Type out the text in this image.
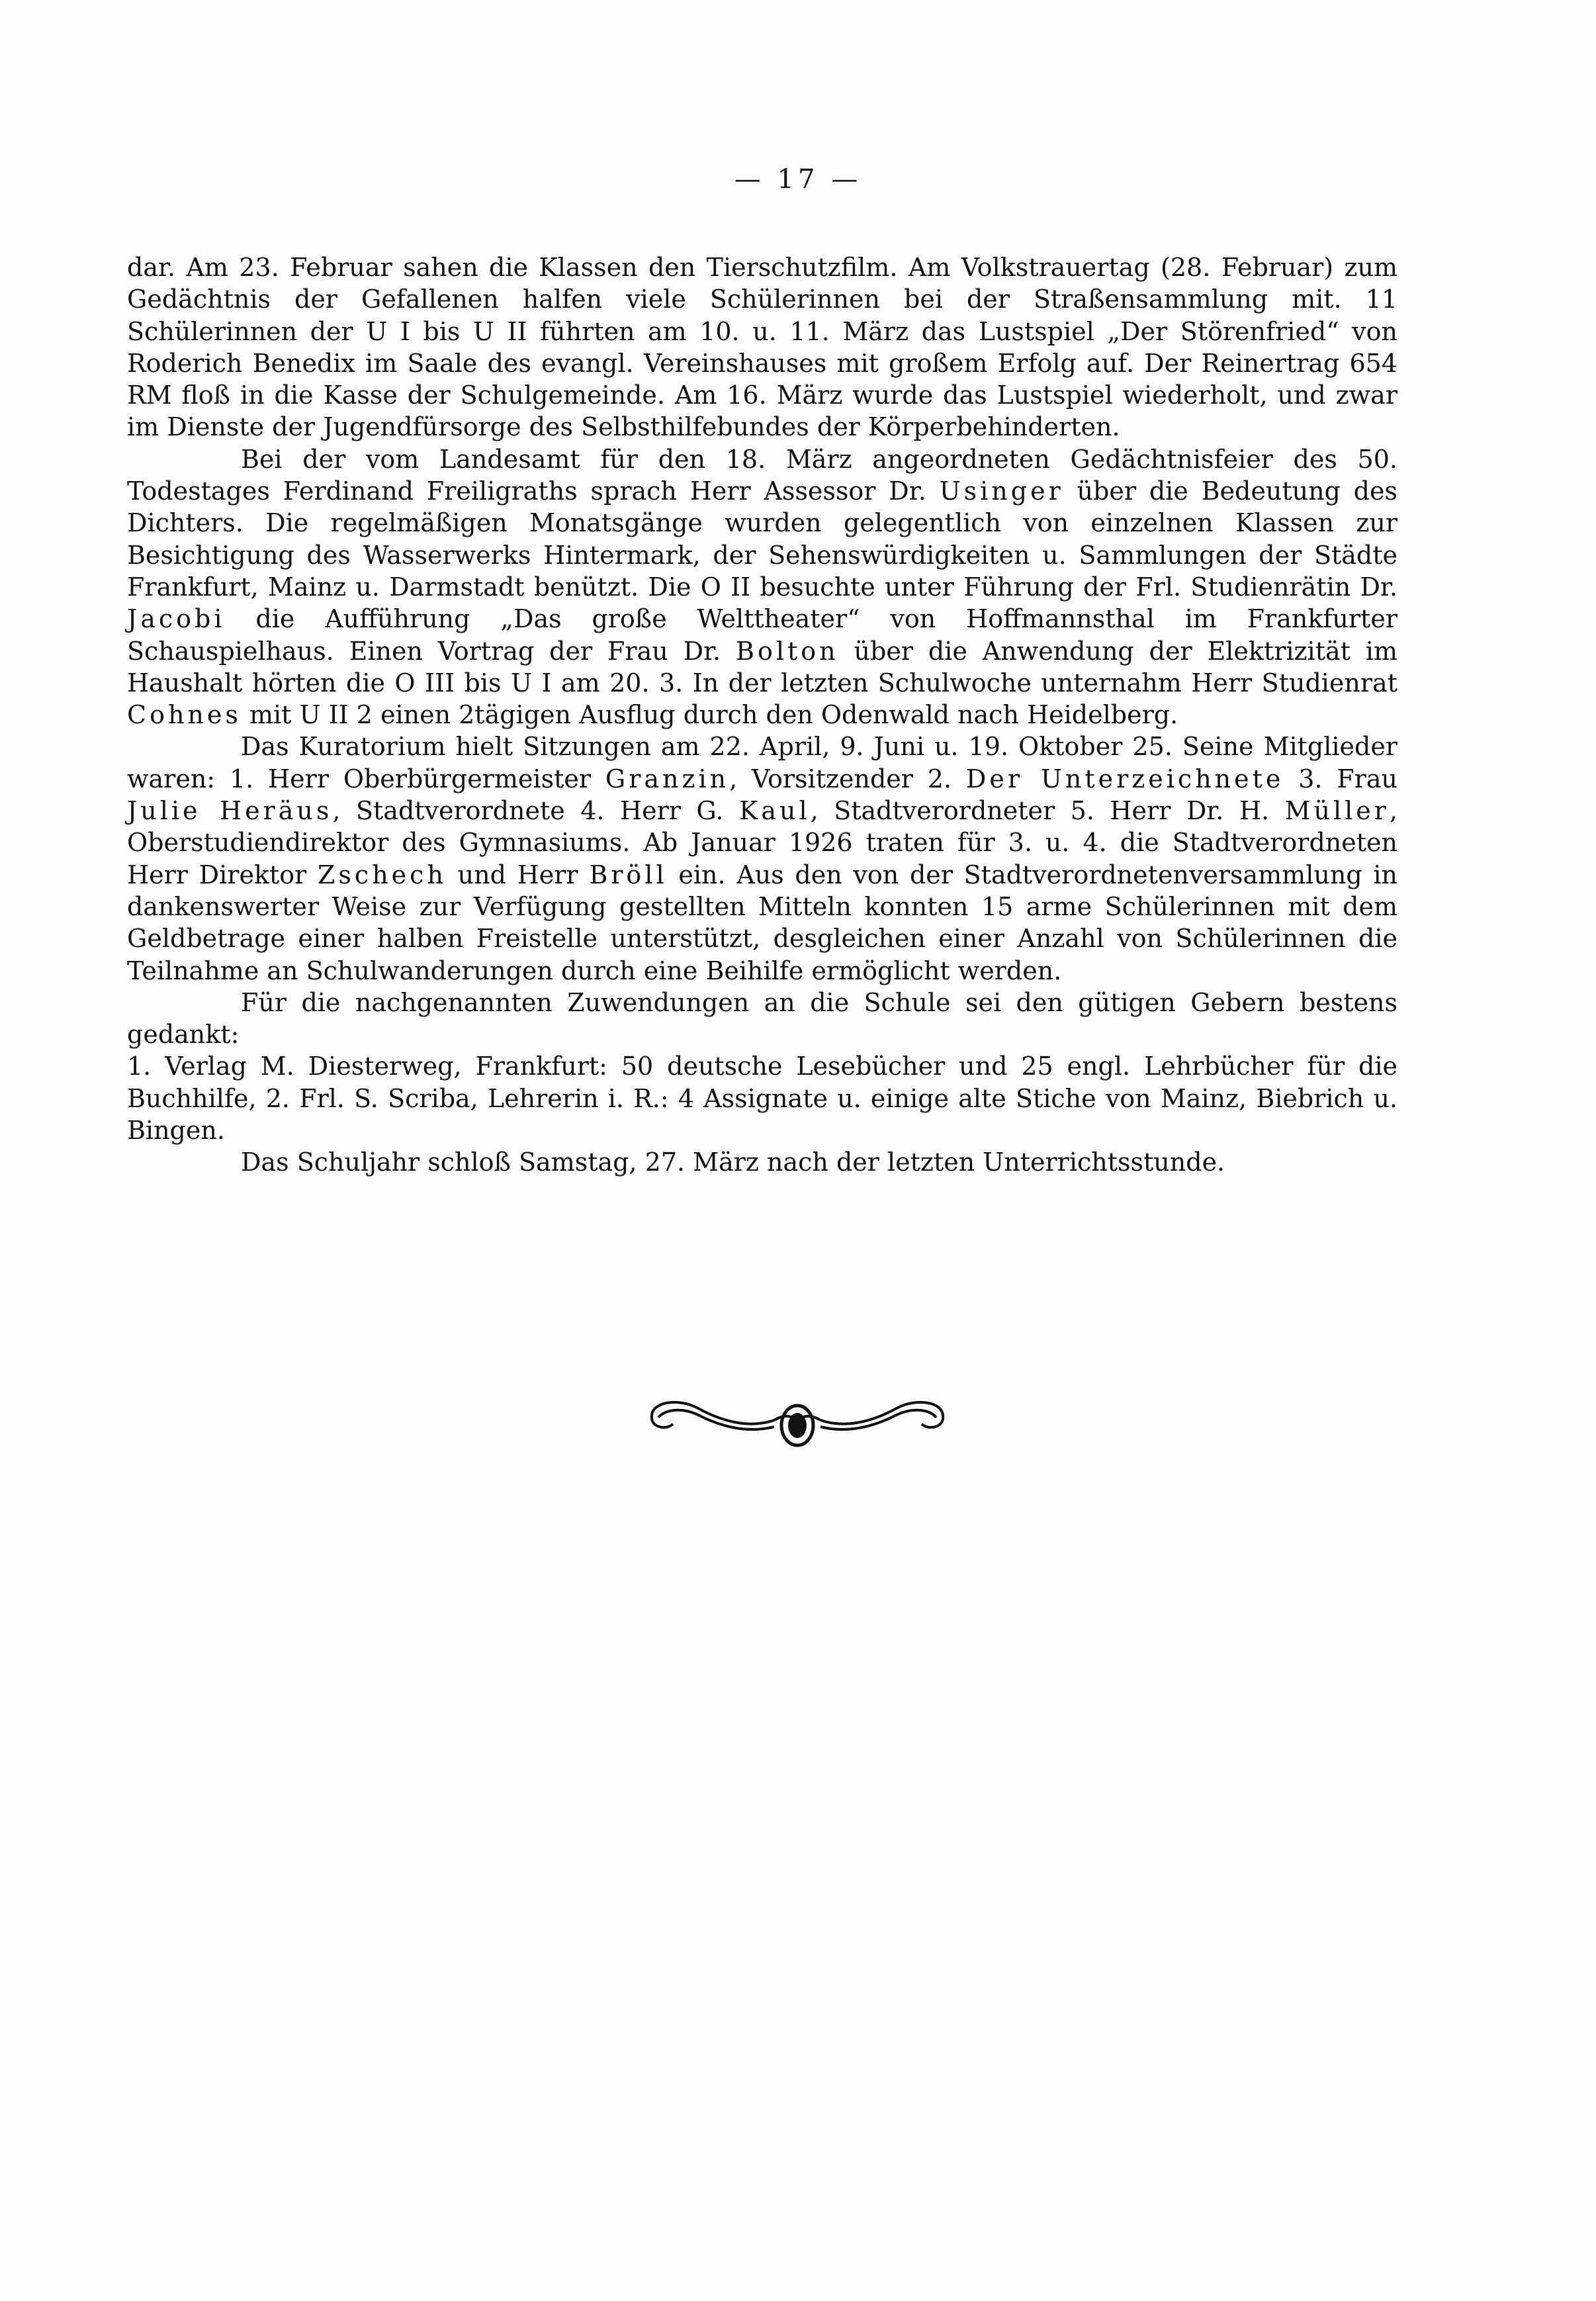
— 17 —

dar. Am 23. Februar sahen die Klassen den Tierschutzfilm. Am Volkstrauertag (28. Februar) zum Gedächtnis der Gefallenen halfen viele Schülerinnen bei der Straßensammlung mit. 11 Schülerinnen der U I bis U II führten am 10. u. 11. März das Lustspiel „Der Störenfried“ von Roderich Benedix im Saale des evangl. Vereinshauses mit großem Erfolg auf. Der Reinertrag 654 RM floß in die Kasse der Schulgemeinde. Am 16. März wurde das Lustspiel wiederholt, und zwar im Dienste der Jugendfürsorge des Selbsthilfebundes der Körperbehinderten.

Bei der vom Landesamt für den 18. März angeordneten Gedächtnisfeier des 50. Todestages Ferdinand Freiligraths sprach Herr Assessor Dr. Usinger über die Bedeutung des Dichters. Die regelmäßigen Monatsgänge wurden gelegentlich von einzelnen Klassen zur Besichtigung des Wasserwerks Hintermark, der Sehenswürdigkeiten u. Sammlungen der Städte Frankfurt, Mainz u. Darmstadt benützt. Die O II besuchte unter Führung der Frl. Studienrätin Dr. Jacobi die Aufführung „Das große Welttheater“ von Hoffmannsthal im Frankfurter Schauspielhaus. Einen Vortrag der Frau Dr. Bolton über die Anwendung der Elektrizität im Haushalt hörten die O III bis U I am 20. 3. In der letzten Schulwoche unternahm Herr Studienrat Cohnes mit U II 2 einen 2tägigen Ausflug durch den Odenwald nach Heidelberg.

Das Kuratorium hielt Sitzungen am 22. April, 9. Juni u. 19. Oktober 25. Seine Mitglieder waren: 1. Herr Oberbürgermeister Granzin, Vorsitzender 2. Der Unterzeichnete 3. Frau Julie Heräus, Stadtverordnete 4. Herr G. Kaul, Stadtverordneter 5. Herr Dr. H. Müller, Oberstudiendirektor des Gymnasiums. Ab Januar 1926 traten für 3. u. 4. die Stadtverordneten Herr Direktor Zschech und Herr Bröll ein. Aus den von der Stadtverordnetenversammlung in dankenswerter Weise zur Verfügung gestellten Mitteln konnten 15 arme Schülerinnen mit dem Geldbetrage einer halben Freistelle unterstützt, desgleichen einer Anzahl von Schülerinnen die Teilnahme an Schulwanderungen durch eine Beihilfe ermöglicht werden.

Für die nachgenannten Zuwendungen an die Schule sei den gütigen Gebern bestens gedankt:

1. Verlag M. Diesterweg, Frankfurt: 50 deutsche Lesebücher und 25 engl. Lehrbücher für die Buchhilfe, 2. Frl. S. Scriba, Lehrerin i. R.: 4 Assignate u. einige alte Stiche von Mainz, Biebrich u. Bingen.

Das Schuljahr schloß Samstag, 27. März nach der letzten Unterrichtsstunde.
